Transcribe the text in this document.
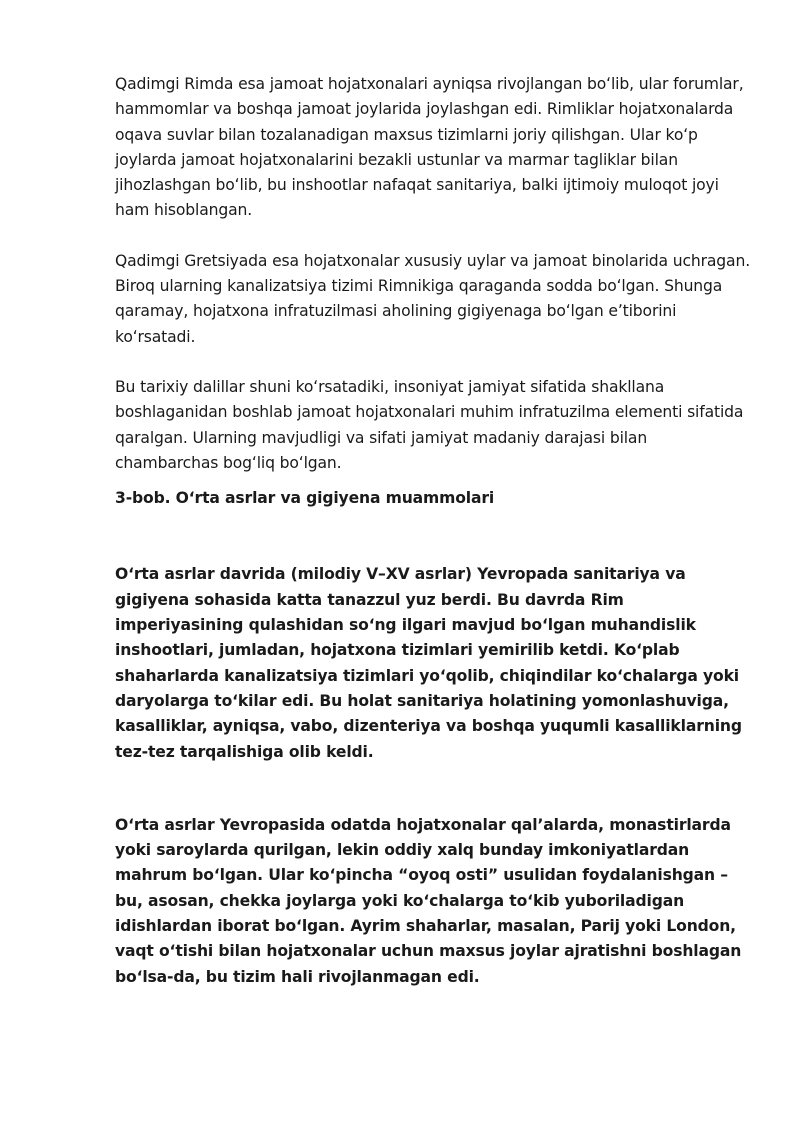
Qadimgi Rimda esa jamoat hojatxonalari ayniqsa rivojlangan boʻlib, ular forumlar, hammomlar va boshqa jamoat joylarida joylashgan edi. Rimliklar hojatxonalarda oqava suvlar bilan tozalanadigan maxsus tizimlarni joriy qilishgan. Ular koʻp joylarda jamoat hojatxonalarini bezakli ustunlar va marmar tagliklar bilan jihozlashgan boʻlib, bu inshootlar nafaqat sanitariya, balki ijtimoiy muloqot joyi ham hisoblangan.

Qadimgi Gretsiyada esa hojatxonalar xususiy uylar va jamoat binolarida uchragan. Biroq ularning kanalizatsiya tizimi Rimnikiga qaraganda sodda boʻlgan. Shunga qaramay, hojatxona infratuzilmasi aholining gigiyenaga boʻlgan eʼtiborini koʻrsatadi.

Bu tarixiy dalillar shuni koʻrsatadiki, insoniyat jamiyat sifatida shakllana boshlaganidan boshlab jamoat hojatxonalari muhim infratuzilma elementi sifatida qaralgan. Ularning mavjudligi va sifati jamiyat madaniy darajasi bilan chambarchas bogʻliq boʻlgan.

3-bob. Oʻrta asrlar va gigiyena muammolari

Oʻrta asrlar davrida (milodiy V–XV asrlar) Yevropada sanitariya va gigiyena sohasida katta tanazzul yuz berdi. Bu davrda Rim imperiyasining qulashidan soʻng ilgari mavjud boʻlgan muhandislik inshootlari, jumladan, hojatxona tizimlari yemirilib ketdi. Koʻplab shaharlarda kanalizatsiya tizimlari yoʻqolib, chiqindilar koʻchalarga yoki daryolarga toʻkilar edi. Bu holat sanitariya holatining yomonlashuviga, kasalliklar, ayniqsa, vabo, dizenteriya va boshqa yuqumli kasalliklarning tez-tez tarqalishiga olib keldi.

Oʻrta asrlar Yevropasida odatda hojatxonalar qalʼalarda, monastirlarda yoki saroylarda qurilgan, lekin oddiy xalq bunday imkoniyatlardan mahrum boʻlgan. Ular koʻpincha “oyoq osti” usulidan foydalanishgan – bu, asosan, chekka joylarga yoki koʻchalarga toʻkib yuboriladigan idishlardan iborat boʻlgan. Ayrim shaharlar, masalan, Parij yoki London, vaqt oʻtishi bilan hojatxonalar uchun maxsus joylar ajratishni boshlagan boʻlsa-da, bu tizim hali rivojlanmagan edi.
